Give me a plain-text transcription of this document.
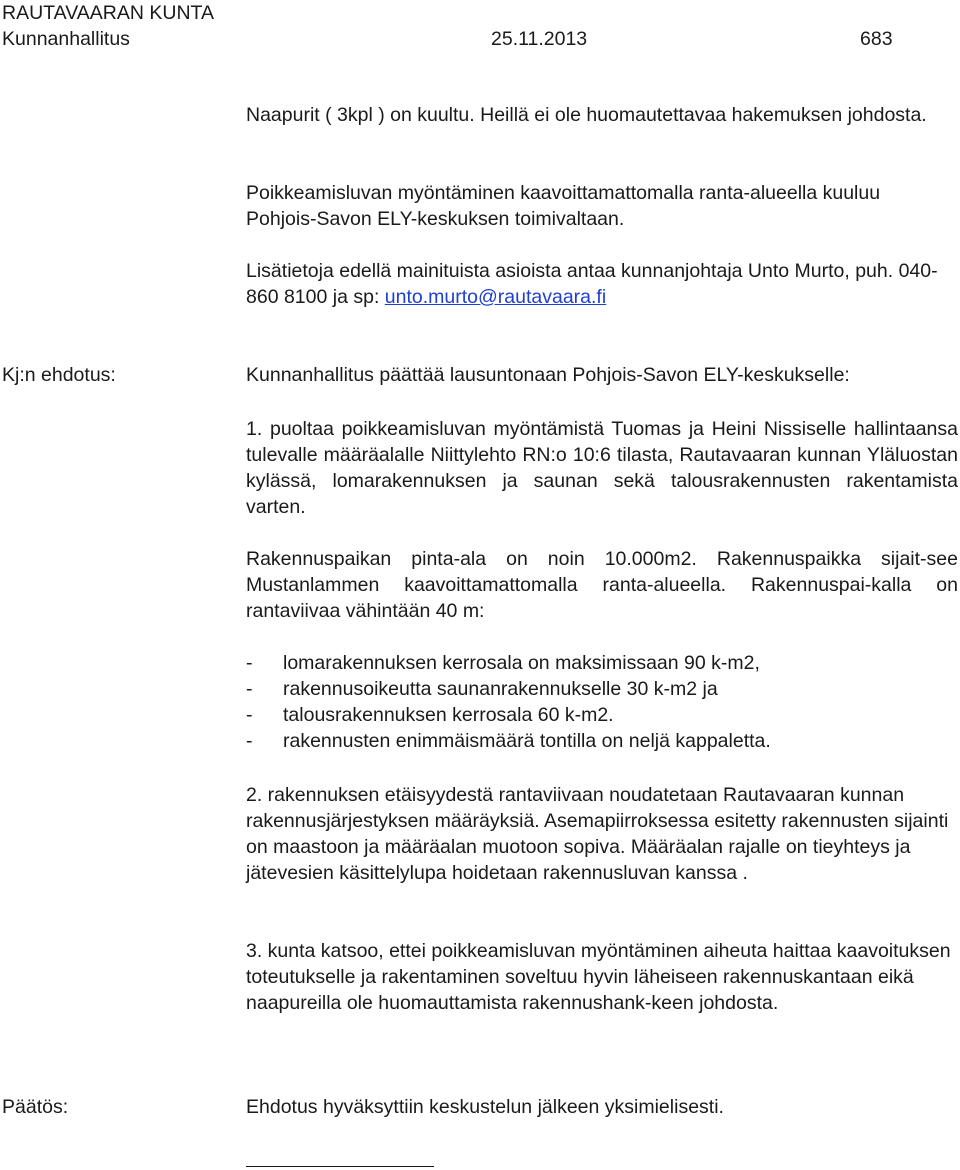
RAUTAVAARAN KUNTA
Kunnanhallitus	25.11.2013	683

Naapurit ( 3kpl ) on kuultu. Heillä ei ole huomautettavaa hakemuksen johdosta.

Poikkeamisluvan myöntäminen kaavoittamattomalla ranta-alueella kuuluu Pohjois-Savon ELY-keskuksen toimivaltaan.

Lisätietoja edellä mainituista asioista antaa kunnanjohtaja Unto Murto, puh. 040-860 8100 ja sp: unto.murto@rautavaara.fi

Kj:n ehdotus:	Kunnanhallitus päättää lausuntonaan Pohjois-Savon ELY-keskukselle:

1. puoltaa poikkeamisluvan myöntämistä Tuomas ja Heini Nissiselle hallintaansa tulevalle määräalalle Niittylehto RN:o 10:6 tilasta, Rautavaaran kunnan Yläluostan kylässä, lomarakennuksen ja saunan sekä talousrakennusten rakentamista varten.

Rakennuspaikan pinta-ala on noin 10.000m2. Rakennuspaikka sijait-see Mustanlammen kaavoittamattomalla ranta-alueella. Rakennuspai-kalla on rantaviivaa vähintään 40 m:

-	lomarakennuksen kerrosala on maksimissaan 90 k-m2,
-	rakennusoikeutta saunanrakennukselle 30 k-m2 ja
-	talousrakennuksen kerrosala 60 k-m2.
-	rakennusten enimmäismäärä tontilla on neljä kappaletta.

2. rakennuksen etäisyydestä rantaviivaan noudatetaan Rautavaaran kunnan rakennusjärjestyksen määräyksiä. Asemapiirroksessa esitetty rakennusten sijainti on maastoon ja määräalan muotoon sopiva. Määräalan rajalle on tieyhteys ja jätevesien käsittelylupa hoidetaan rakennusluvan kanssa .

3. kunta katsoo, ettei poikkeamisluvan myöntäminen aiheuta haittaa kaavoituksen toteutukselle ja rakentaminen soveltuu hyvin läheiseen rakennuskantaan eikä naapureilla ole huomauttamista rakennushank-keen johdosta.

Päätös:	Ehdotus hyväksyttiin keskustelun jälkeen yksimielisesti.
